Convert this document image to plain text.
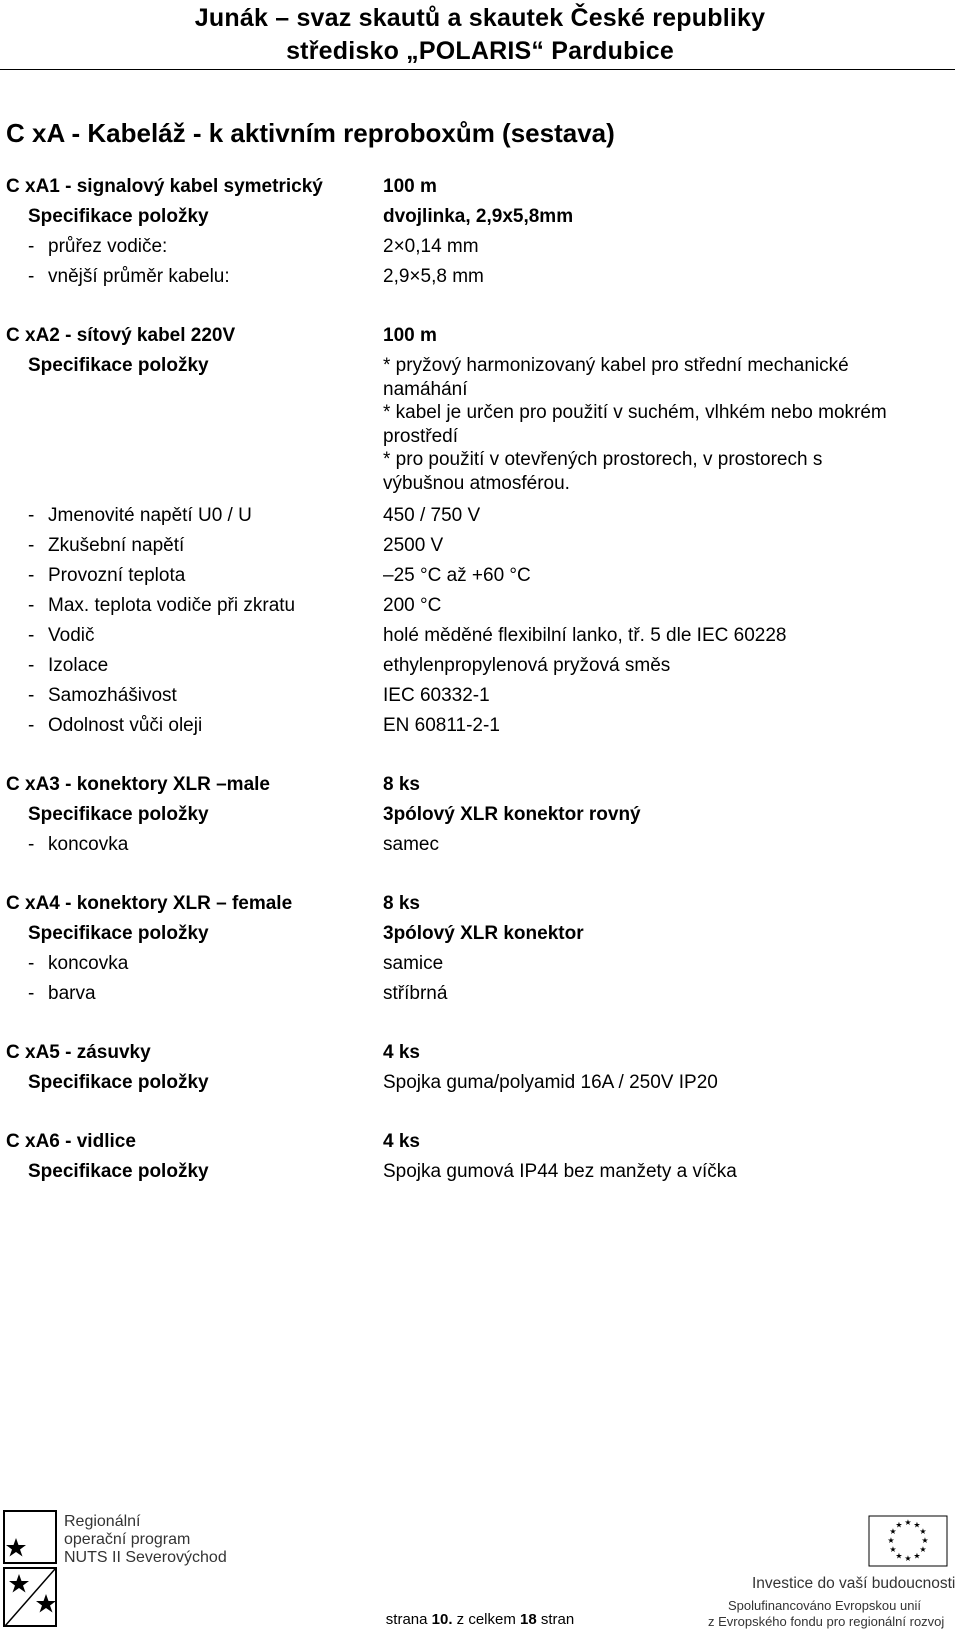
Junák – svaz skautů a skautek České republiky
středisko „POLARIS“ Pardubice
C xA - Kabeláž - k aktivním reproboxům (sestava)
C xA1 - signalový kabel symetrický	100 m
Specifikace položky	dvojlinka, 2,9x5,8mm
- průřez vodiče:	2×0,14 mm
- vnější průměr kabelu:	2,9×5,8 mm
C xA2 - sítový kabel 220V	100 m
Specifikace položky	* pryžový harmonizovaný kabel pro střední mechanické
namáhání
* kabel je určen pro použití v suchém, vlhkém nebo mokrém
prostředí
* pro použití v otevřených prostorech, v prostorech s
výbušnou atmosférou.
- Jmenovité napětí U0 / U	450 / 750 V
- Zkušební napětí	2500 V
- Provozní teplota	–25 °C až +60 °C
- Max. teplota vodiče při zkratu	200 °C
- Vodič	holé měděné flexibilní lanko, tř. 5 dle IEC 60228
- Izolace	ethylenpropylenová pryžová směs
- Samozhášivost	IEC 60332-1
- Odolnost vůči oleji	EN 60811-2-1
C xA3 - konektory XLR –male	8 ks
Specifikace položky	3pólový XLR konektor rovný
- koncovka	samec
C xA4 - konektory XLR – female	8 ks
Specifikace položky	3pólový XLR konektor
- koncovka	samice
- barva	stříbrná
C xA5 - zásuvky	4 ks
Specifikace položky	Spojka guma/polyamid 16A / 250V IP20
C xA6 - vidlice	4 ks
Specifikace položky	Spojka gumová IP44 bez manžety a víčka
Regionální
operační program
NUTS II Severovýchod
strana 10. z celkem 18 stran
★ ★
★
★
★
★
★
★
★
★
★
★
Investice do vaší budoucnosti
Spolufinancováno Evropskou unií
z Evropského fondu pro regionální rozvoj
